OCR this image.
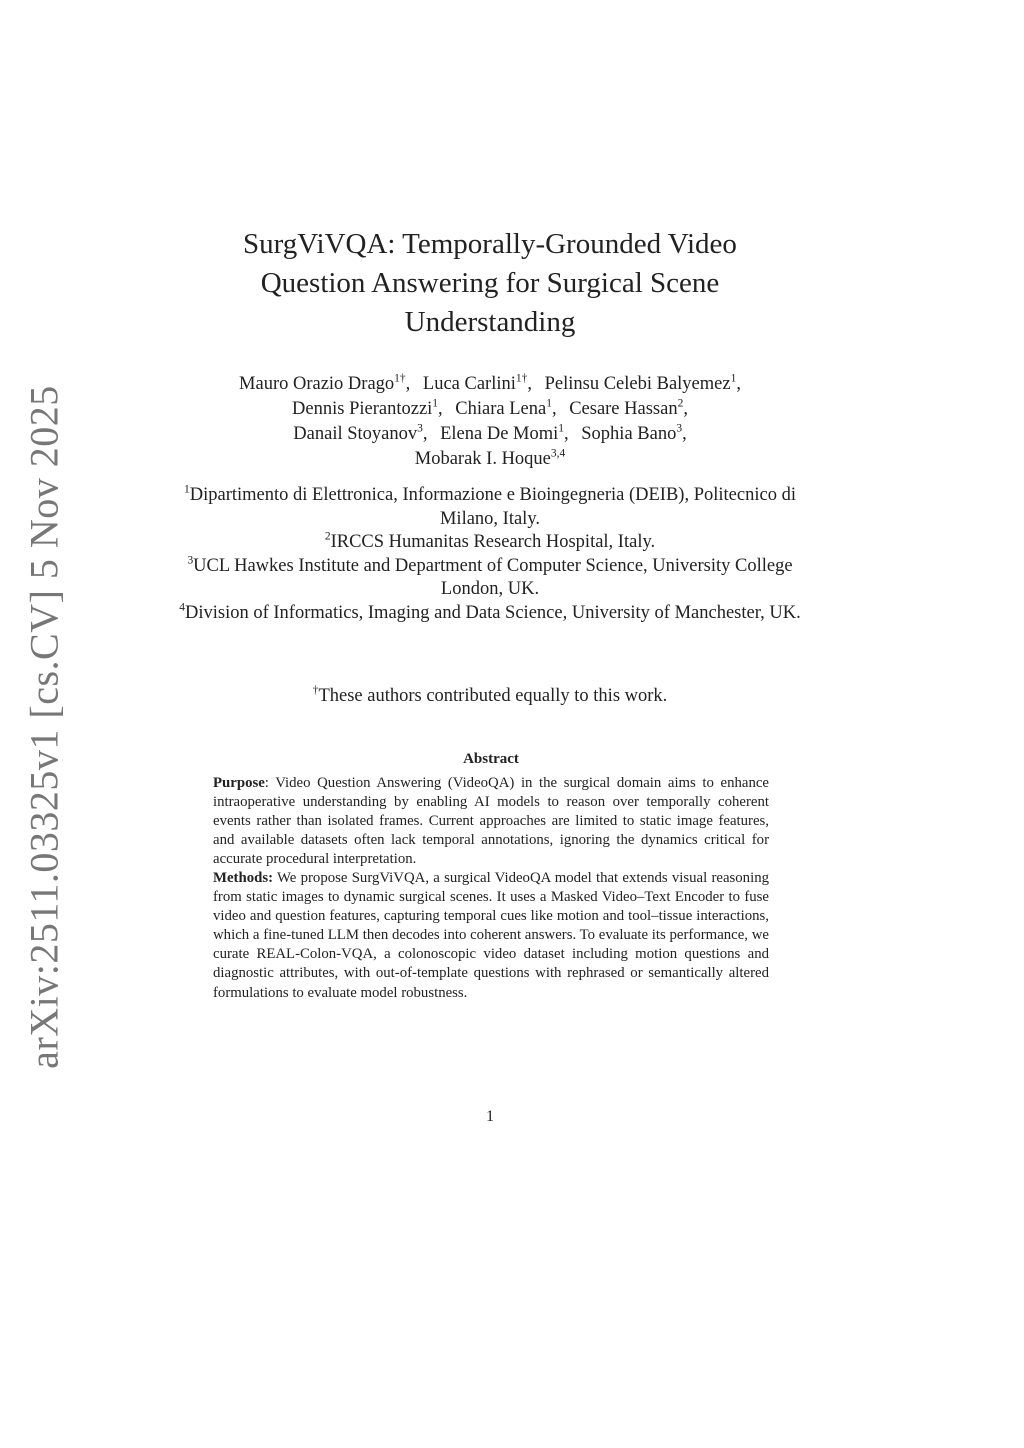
arXiv:2511.03325v1 [cs.CV] 5 Nov 2025
SurgViVQA: Temporally-Grounded Video Question Answering for Surgical Scene Understanding
Mauro Orazio Drago$^{1\dagger}$, Luca Carlini$^{1\dagger}$, Pelinsu Celebi Balyemez$^1$,
Dennis Pierantozzi$^1$, Chiara Lena$^1$, Cesare Hassan$^2$,
Danail Stoyanov$^3$, Elena De Momi$^1$, Sophia Bano$^3$,
Mobarak I. Hoque$^{3,4}$
$^1$Dipartimento di Elettronica, Informazione e Bioingegneria (DEIB), Politecnico di Milano, Italy.
$^2$IRCCS Humanitas Research Hospital, Italy.
$^3$UCL Hawkes Institute and Department of Computer Science, University College London, UK.
$^4$Division of Informatics, Imaging and Data Science, University of Manchester, UK.
†These authors contributed equally to this work.
Abstract

Purpose: Video Question Answering (VideoQA) in the surgical domain aims to enhance intraoperative understanding by enabling AI models to reason over temporally coherent events rather than isolated frames. Current approaches are limited to static image features, and available datasets often lack temporal annotations, ignoring the dynamics critical for accurate procedural interpretation.

Methods: We propose SurgViVQA, a surgical VideoQA model that extends visual reasoning from static images to dynamic surgical scenes. It uses a Masked Video–Text Encoder to fuse video and question features, capturing temporal cues like motion and tool–tissue interactions, which a fine-tuned LLM then decodes into coherent answers. To evaluate its performance, we curate REAL-Colon-VQA, a colonoscopic video dataset including motion questions and diagnostic attributes, with out-of-template questions with rephrased or semantically altered formulations to evaluate model robustness.

1
